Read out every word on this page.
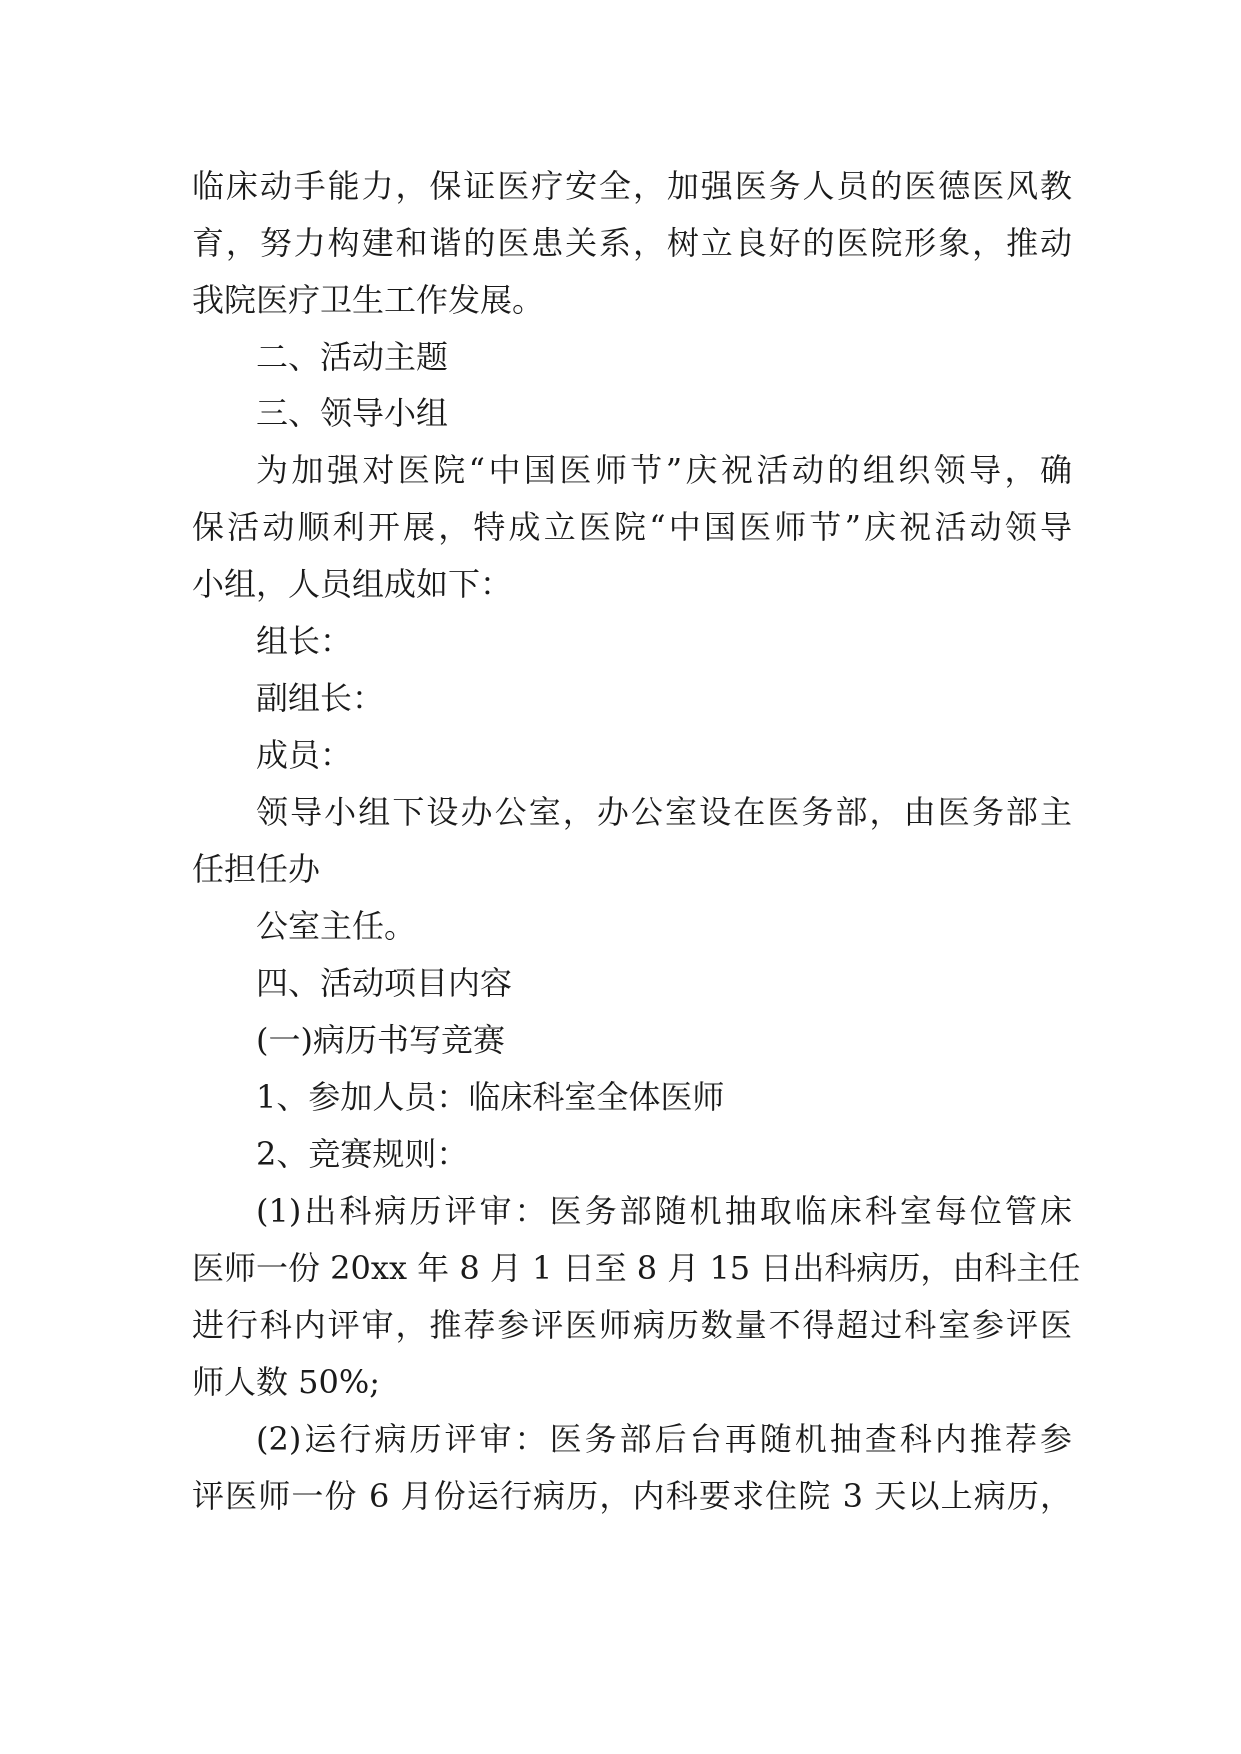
临床动手能力，保证医疗安全，加强医务人员的医德医风教
育，努力构建和谐的医患关系，树立良好的医院形象，推动
我院医疗卫生工作发展。
二、活动主题
三、领导小组
为加强对医院“中国医师节”庆祝活动的组织领导，确
保活动顺利开展，特成立医院“中国医师节”庆祝活动领导
小组，人员组成如下：
组长：
副组长：
成员：
领导小组下设办公室，办公室设在医务部，由医务部主
任担任办
公室主任。
四、活动项目内容
(一)病历书写竞赛
1、参加人员：临床科室全体医师
2、竞赛规则：
(1)出科病历评审：医务部随机抽取临床科室每位管床
医师一份 20xx 年 8 月 1 日至 8 月 15 日出科病历，由科主任
进行科内评审，推荐参评医师病历数量不得超过科室参评医
师人数 50%;
(2)运行病历评审：医务部后台再随机抽查科内推荐参
评医师一份 6 月份运行病历，内科要求住院 3 天以上病历，
